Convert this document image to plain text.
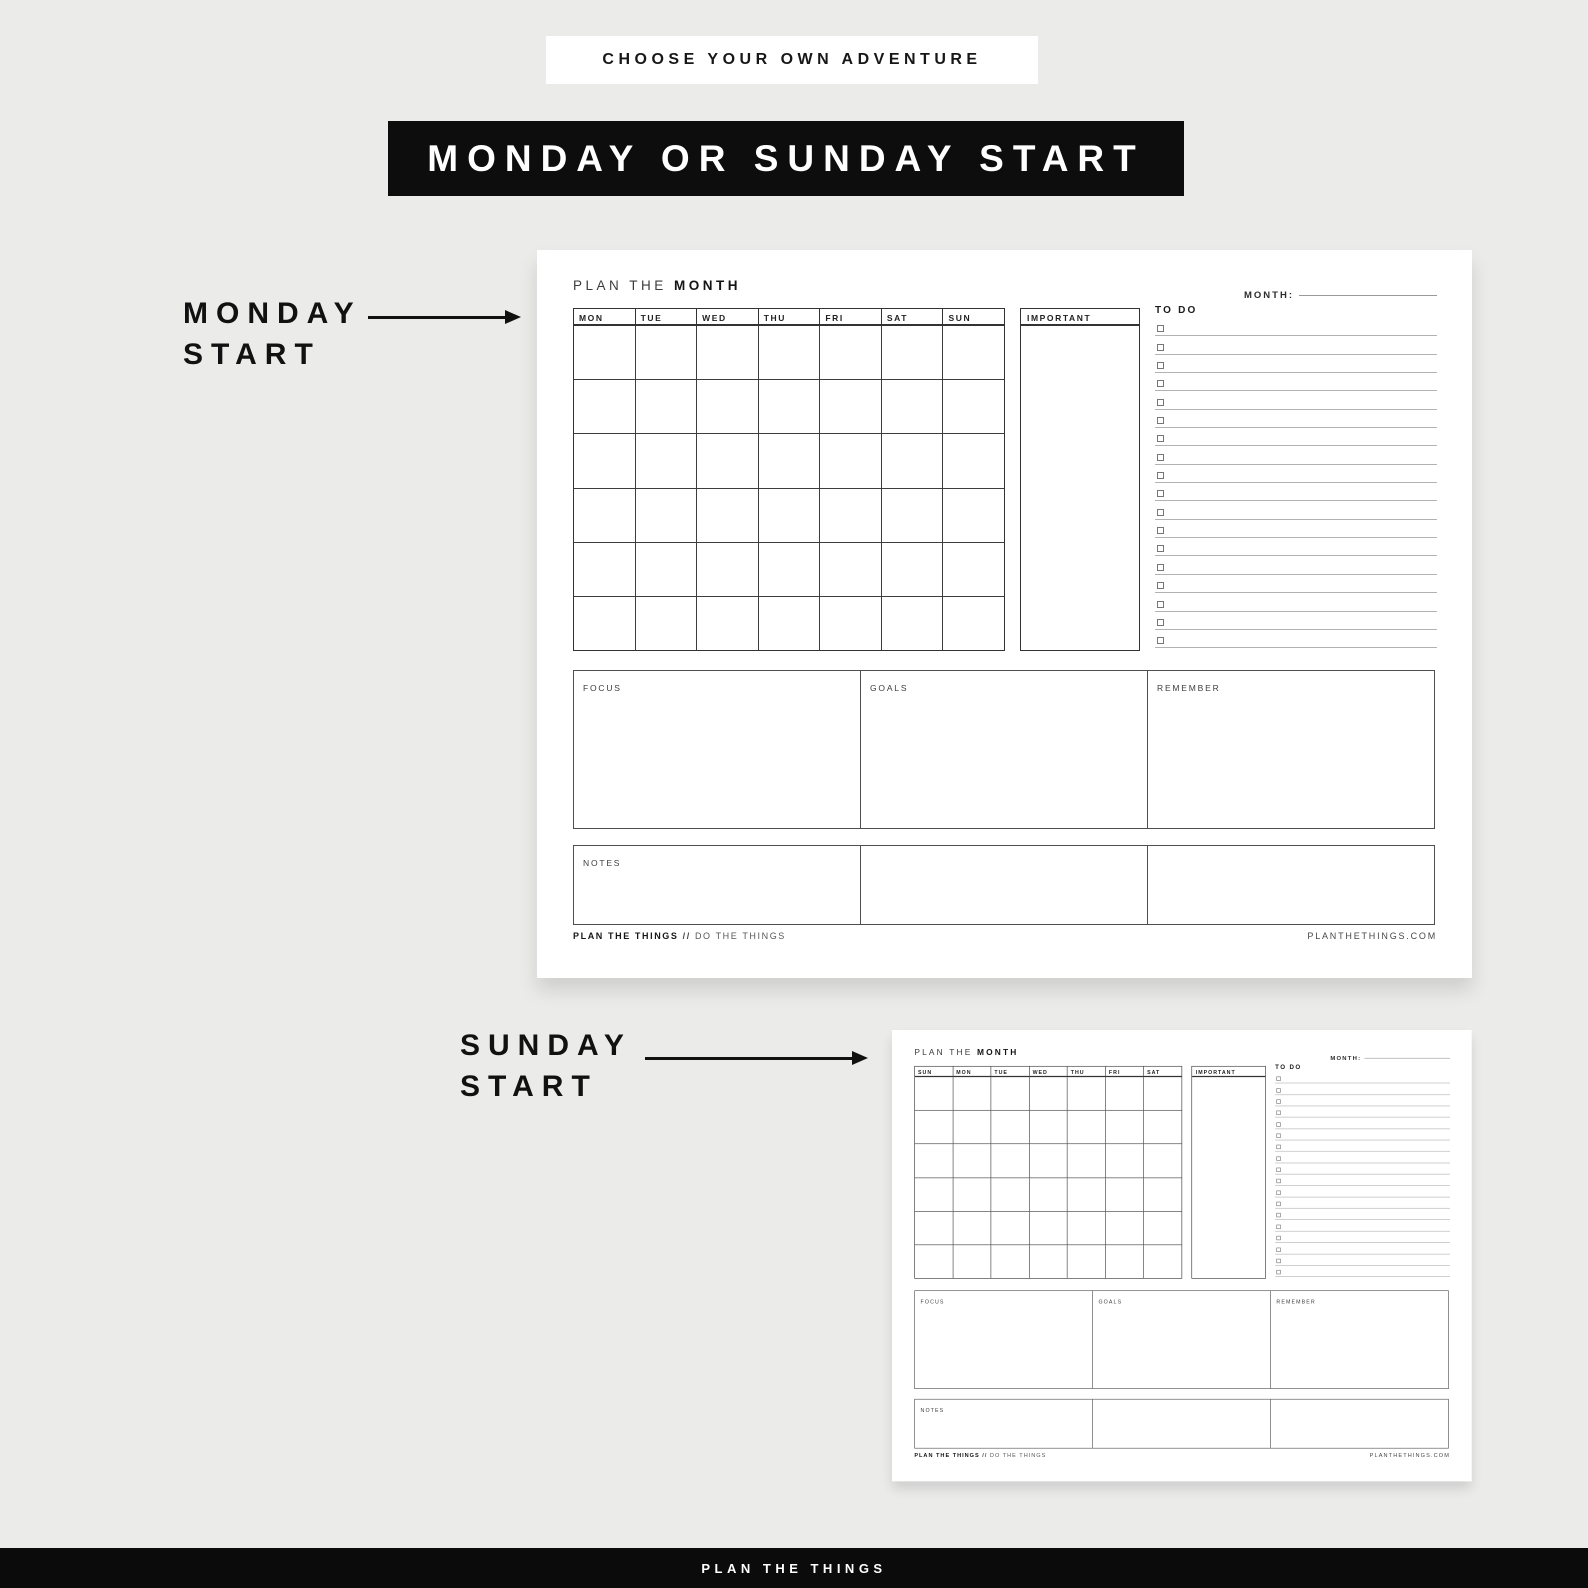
CHOOSE YOUR OWN ADVENTURE
MONDAY OR SUNDAY START
MONDAY
START
PLAN THE MONTH
MONTH:
MON	TUE	WED	THU	FRI	SAT	SUN	IMPORTANT
TO DO
FOCUS	GOALS	REMEMBER
NOTES
PLAN THE THINGS // DO THE THINGS	PLANTHETHINGS.COM
SUNDAY
START
PLAN THE MONTH
MONTH:
SUN	MON	TUE	WED	THU	FRI	SAT	IMPORTANT
TO DO
FOCUS	GOALS	REMEMBER
NOTES
PLAN THE THINGS // DO THE THINGS	PLANTHETHINGS.COM
PLAN THE THINGS
